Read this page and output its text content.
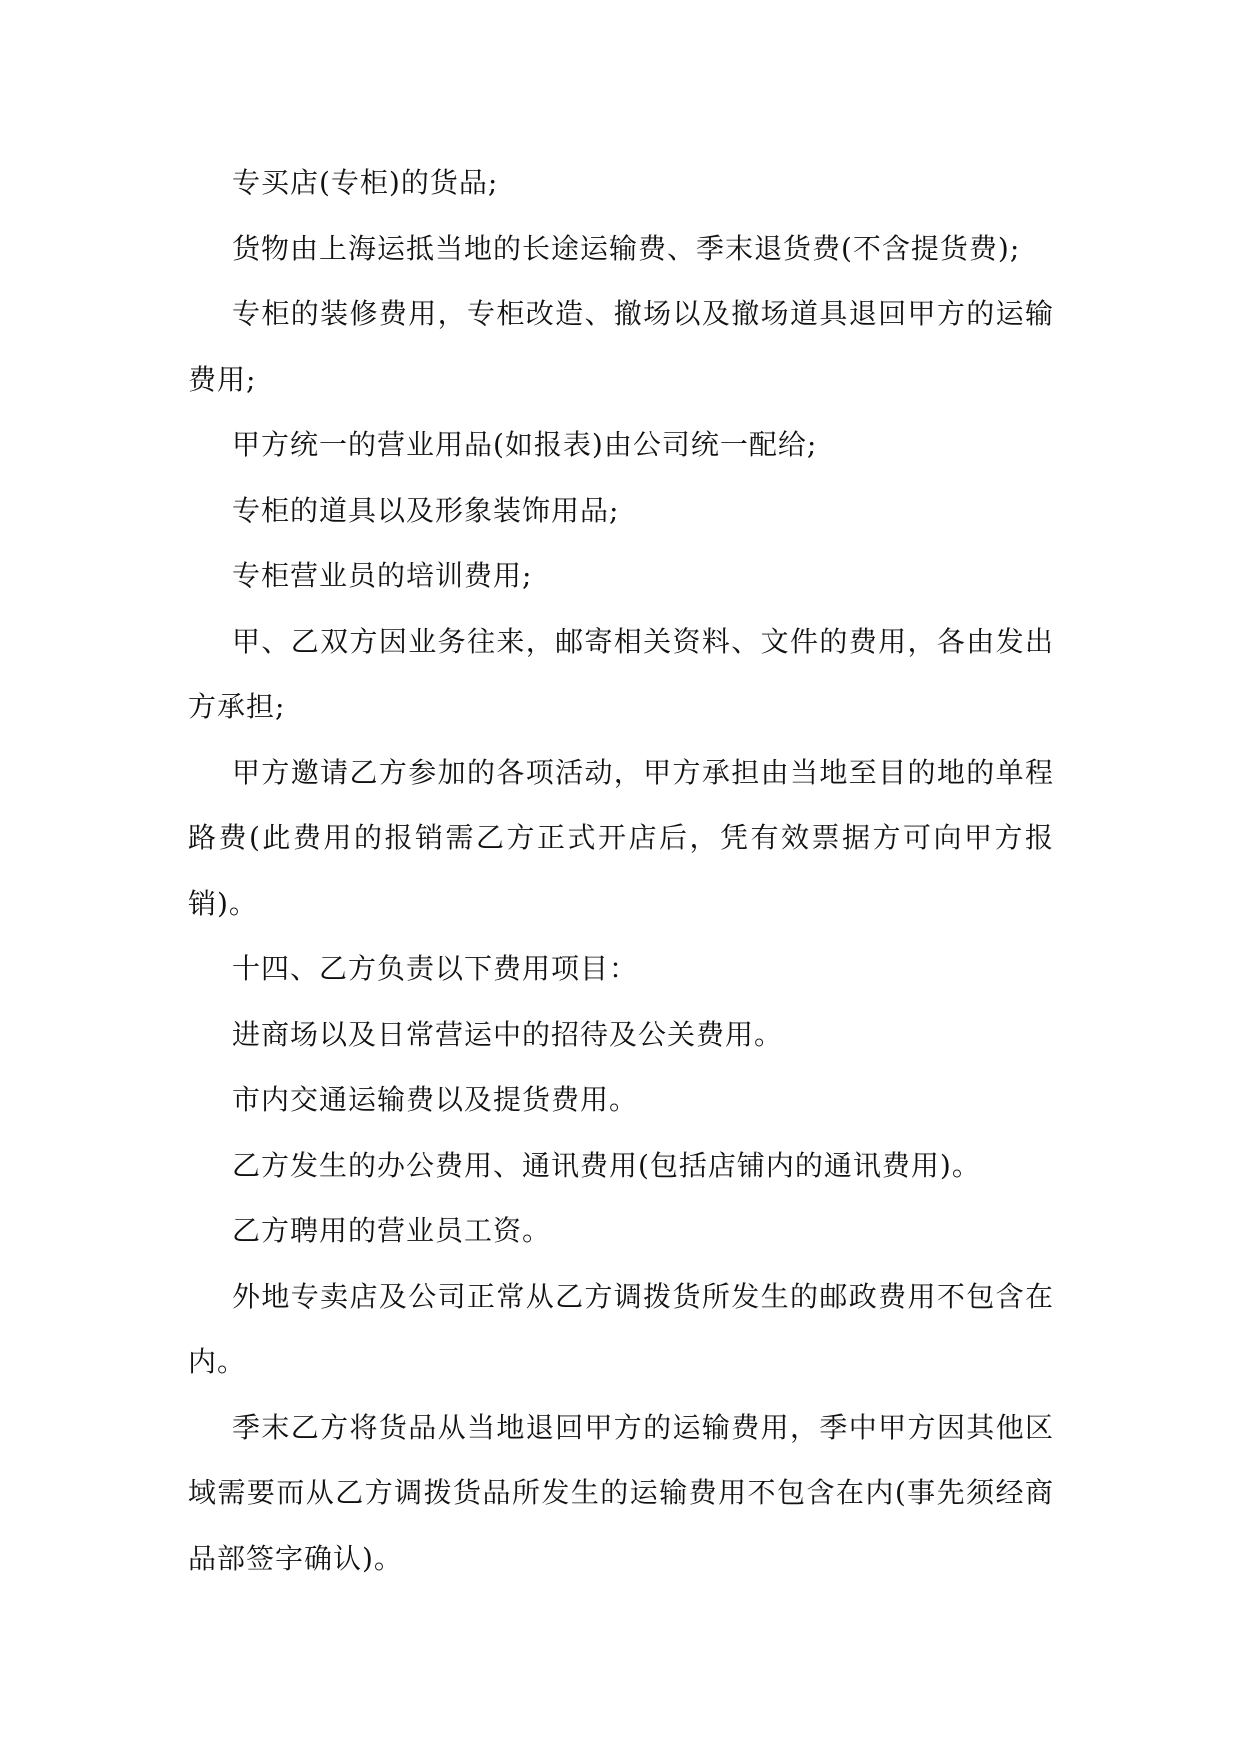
专买店(专柜)的货品;

货物由上海运抵当地的长途运输费、季末退货费(不含提货费);

专柜的装修费用，专柜改造、撤场以及撤场道具退回甲方的运输费用;

甲方统一的营业用品(如报表)由公司统一配给;

专柜的道具以及形象装饰用品;

专柜营业员的培训费用;

甲、乙双方因业务往来，邮寄相关资料、文件的费用，各由发出方承担;

甲方邀请乙方参加的各项活动，甲方承担由当地至目的地的单程路费(此费用的报销需乙方正式开店后，凭有效票据方可向甲方报销)。

十四、乙方负责以下费用项目：

进商场以及日常营运中的招待及公关费用。

市内交通运输费以及提货费用。

乙方发生的办公费用、通讯费用(包括店铺内的通讯费用)。

乙方聘用的营业员工资。

外地专卖店及公司正常从乙方调拨货所发生的邮政费用不包含在内。

季末乙方将货品从当地退回甲方的运输费用，季中甲方因其他区域需要而从乙方调拨货品所发生的运输费用不包含在内(事先须经商品部签字确认)。
